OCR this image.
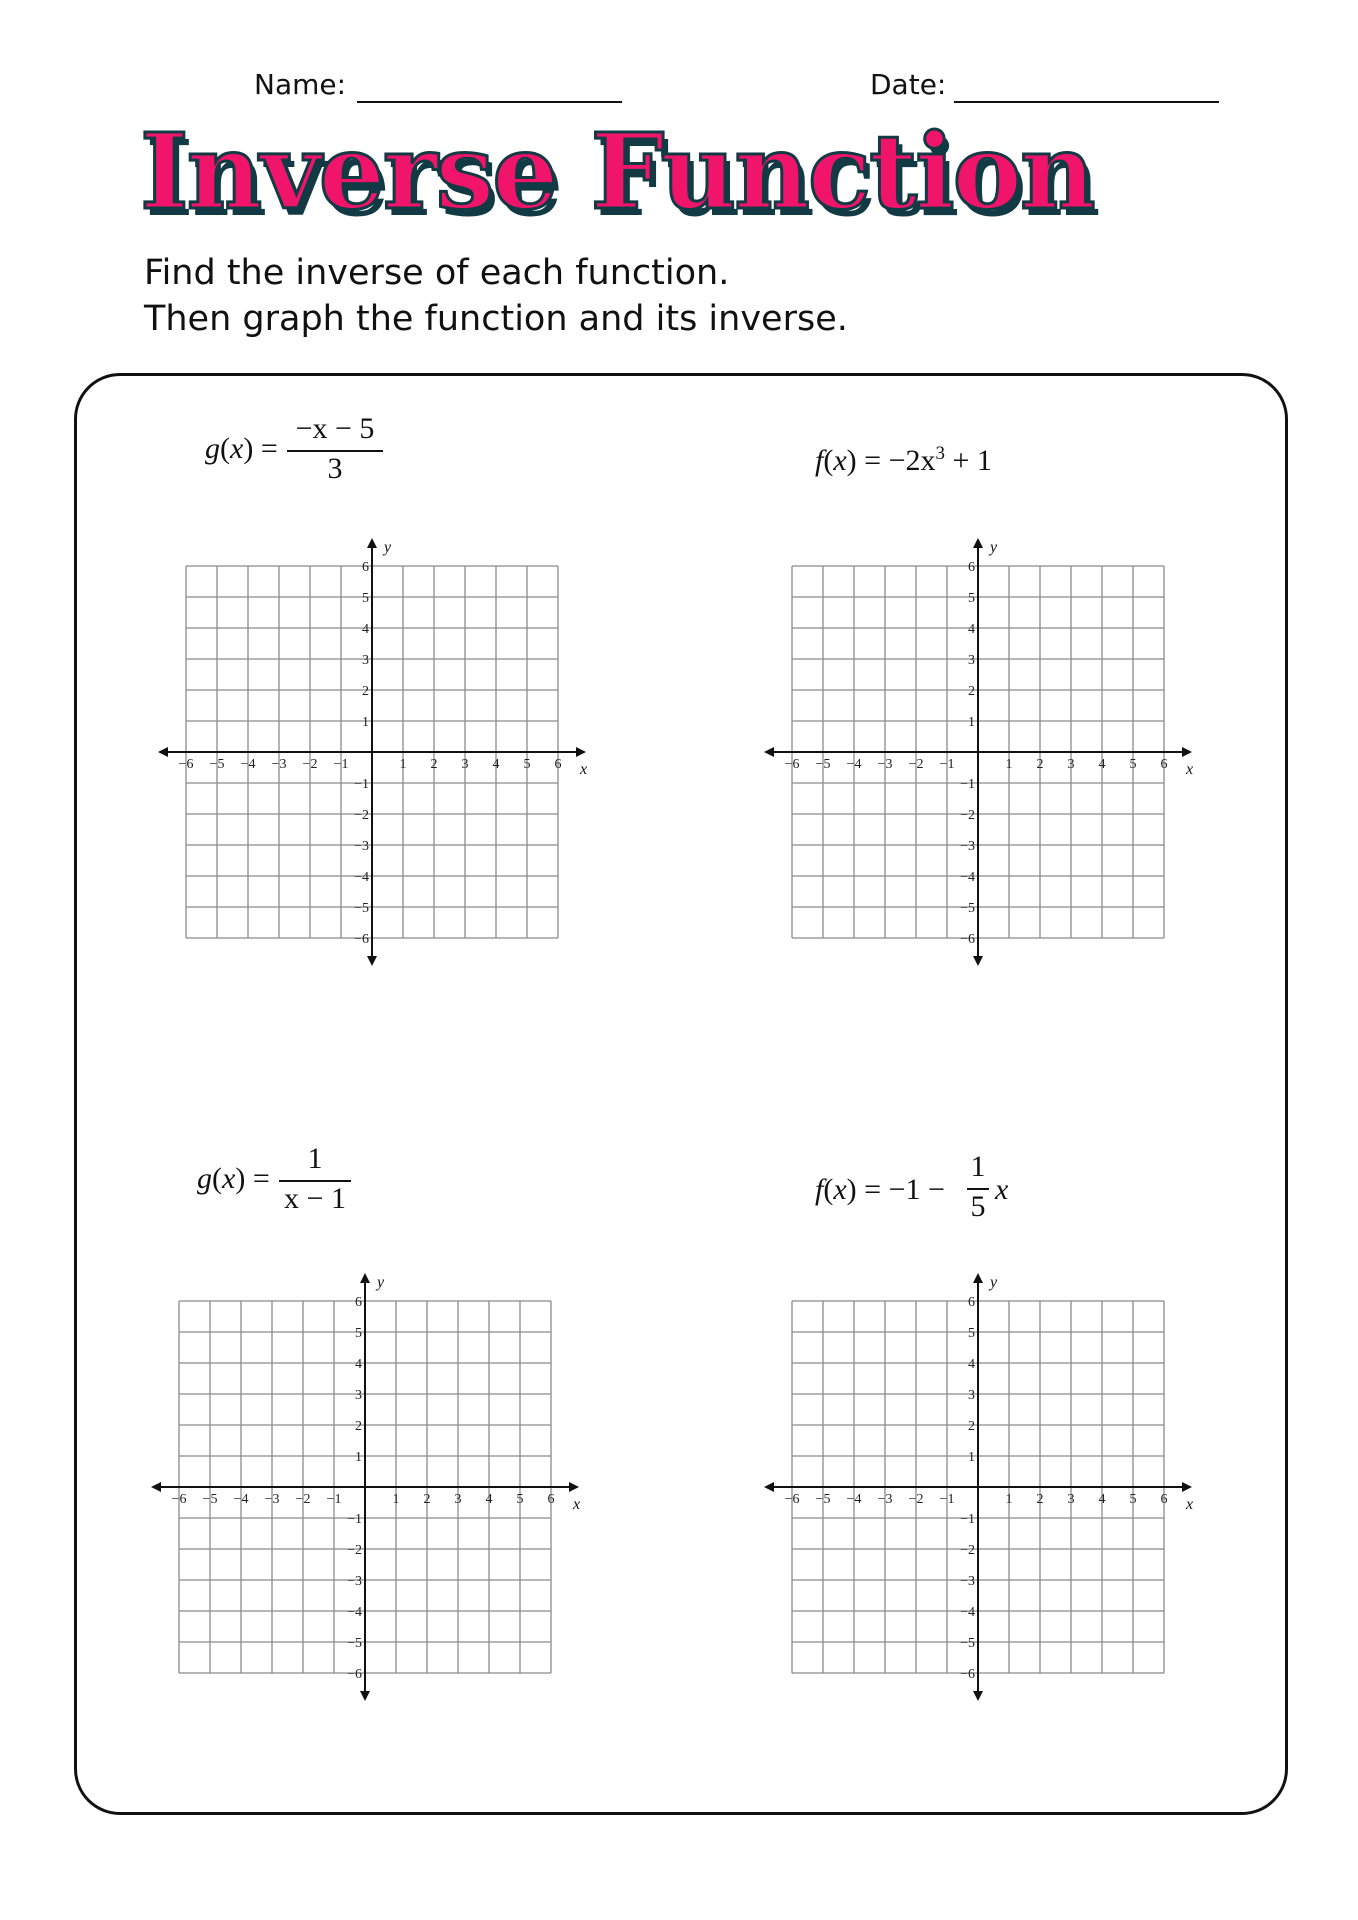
Name:	Date:
Inverse Function
Find the inverse of each function.
Then graph the function and its inverse.
g(x) =
−x − 5
3	$f(x) = -2x^3 + 1$
g(x) =
1
x − 1	f(x) = −1 −
1
5
x
−6 −5 −4 −3 −2 −1	1 2 3 4 5 6
−6
−5
−4
−3
−2
−1
1
2
3
4
5
6
x
y
−6 −5 −4 −3 −2 −1	1 2 3 4 5 6
−6
−5
−4
−3
−2
−1
1
2
3
4
5
6
x
y
−6 −5 −4 −3 −2 −1	1 2 3 4 5 6
−6
−5
−4
−3
−2
−1
1
2
3
4
5
6
x
y
−6 −5 −4 −3 −2 −1	1 2 3 4 5 6
−6
−5
−4
−3
−2
−1
1
2
3
4
5
6
x
y
